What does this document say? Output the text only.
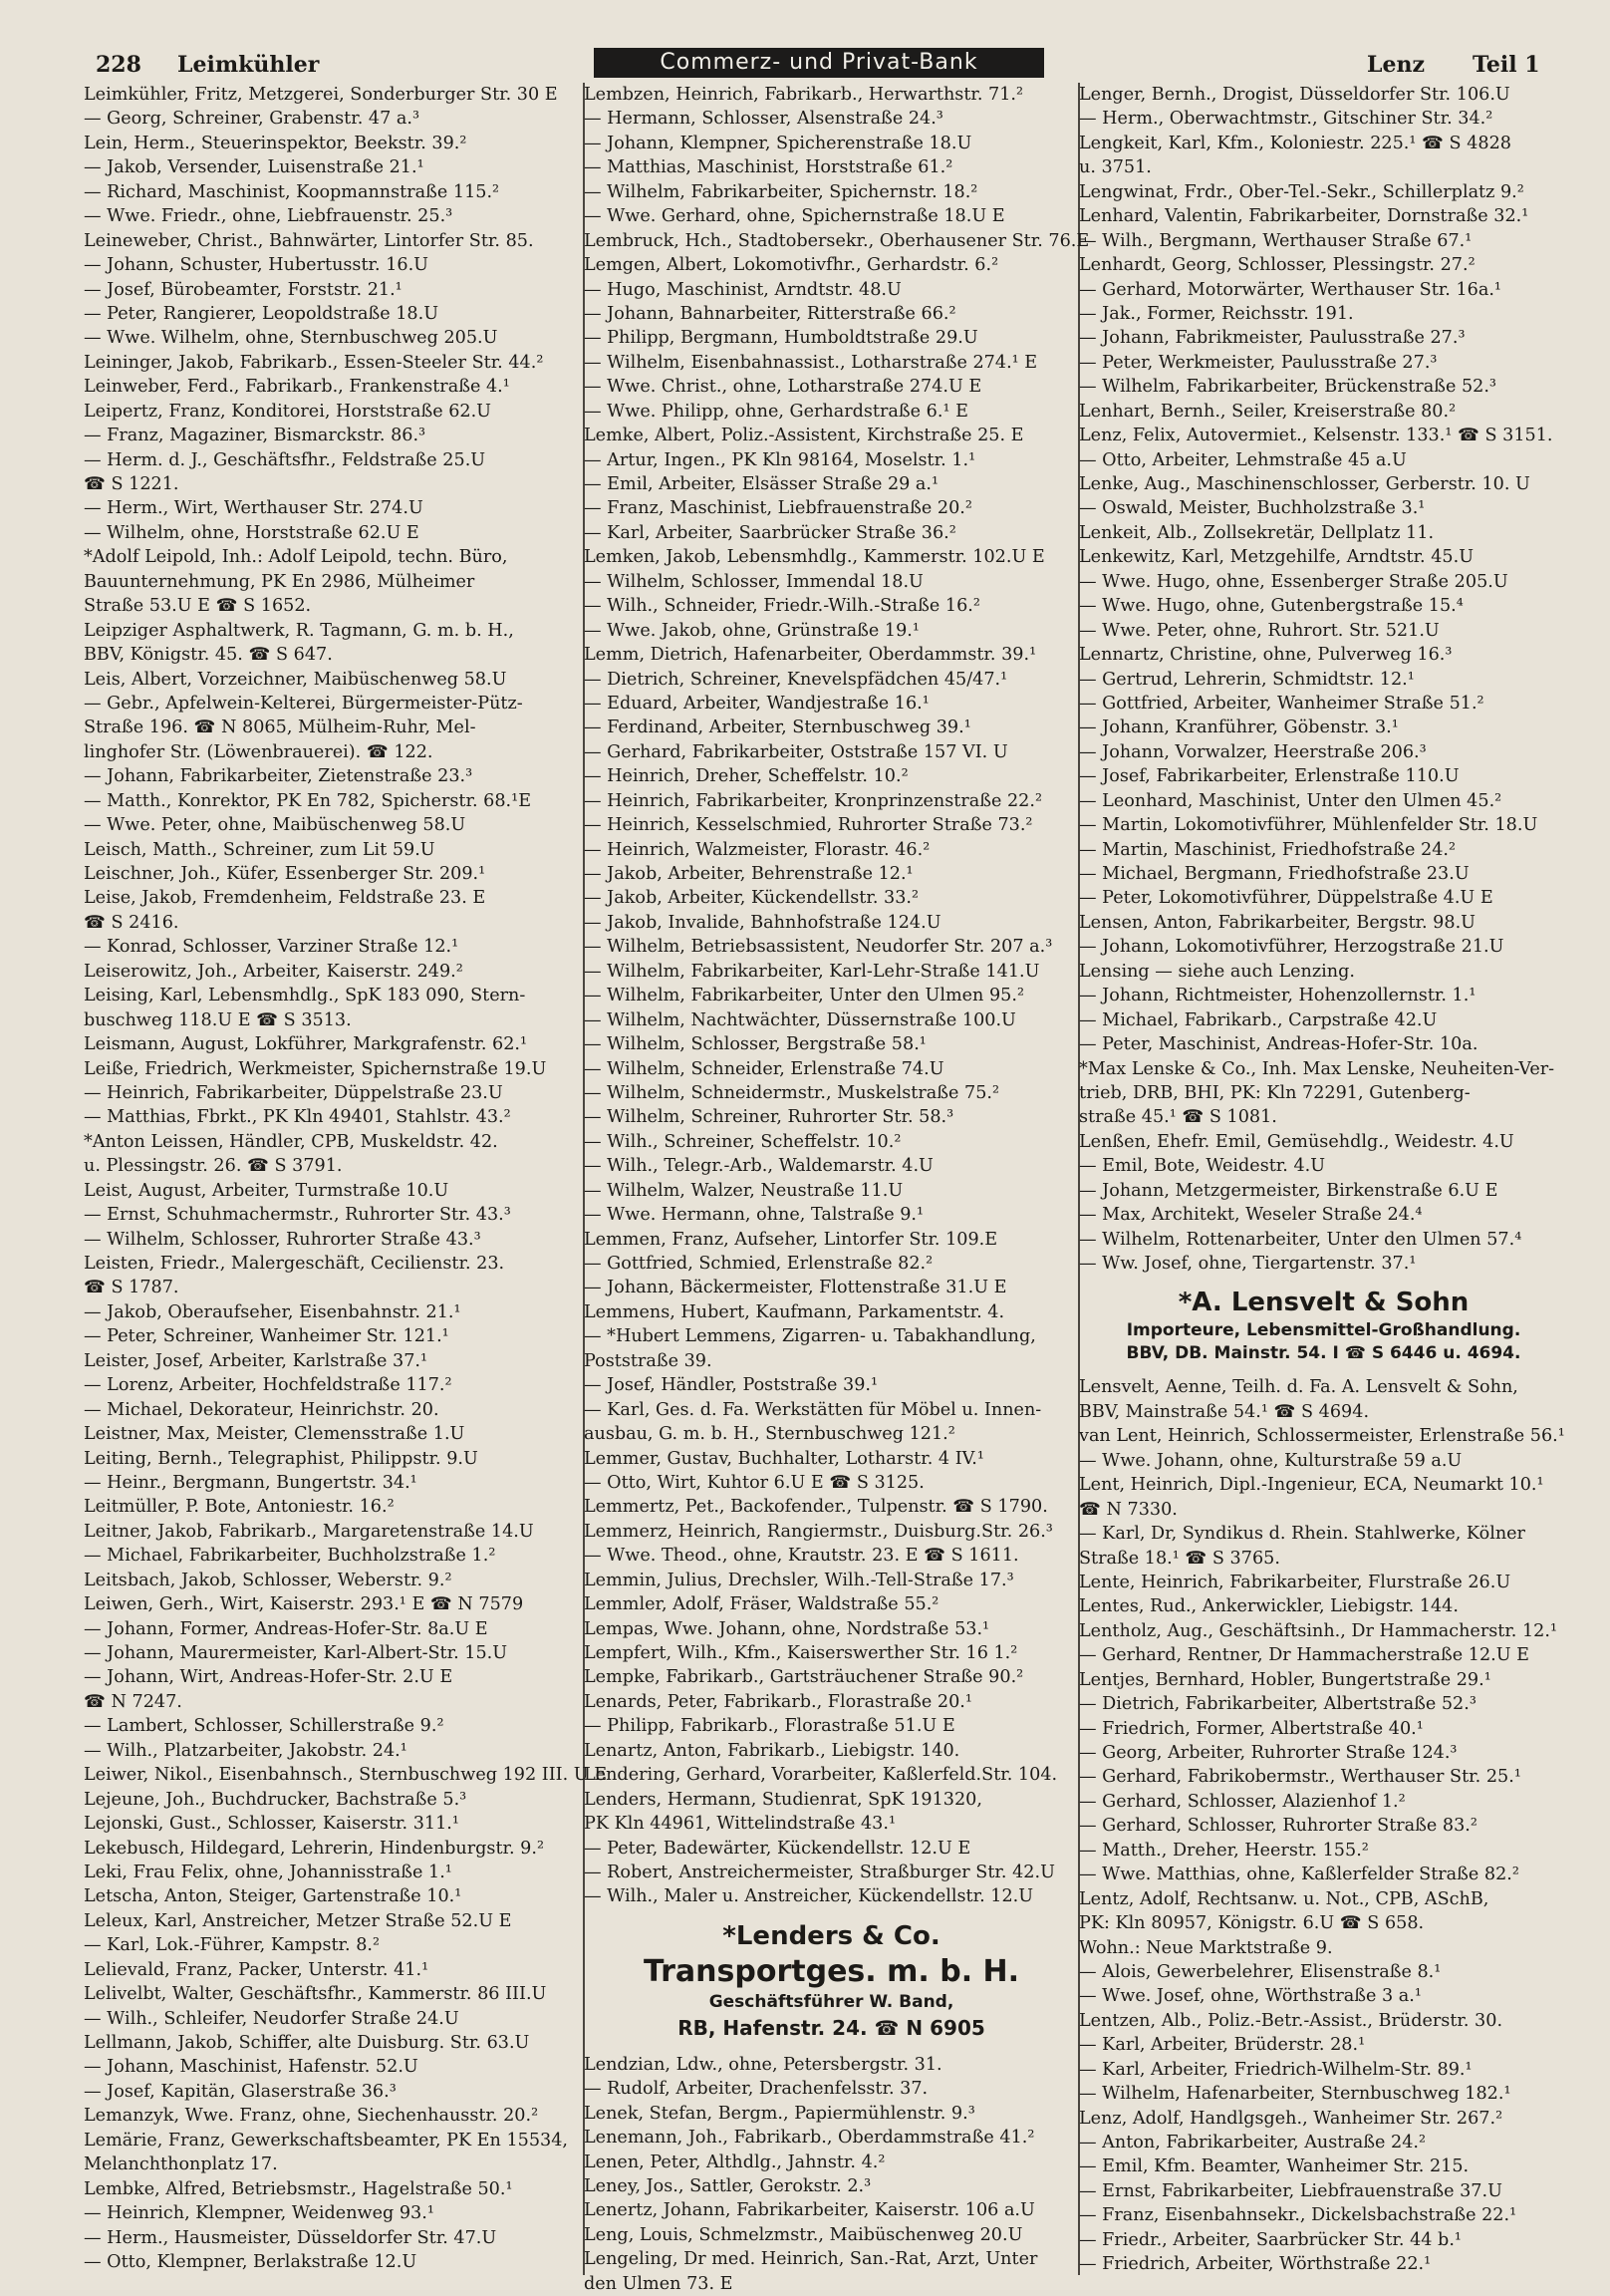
228 Leimkühler	Commerz- und Privat-Bank	Lenz Teil 1
Leimkühler, Fritz, Metzgerei, Sonderburger Str. 30 E
— Georg, Schreiner, Grabenstr. 47 a.³
Lein, Herm., Steuerinspektor, Beekstr. 39.²
— Jakob, Versender, Luisenstraße 21.¹
— Richard, Maschinist, Koopmannstraße 115.²
— Wwe. Friedr., ohne, Liebfrauenstr. 25.³
Leineweber, Christ., Bahnwärter, Lintorfer Str. 85.
— Johann, Schuster, Hubertusstr. 16.U
— Josef, Bürobeamter, Forststr. 21.¹
— Peter, Rangierer, Leopoldstraße 18.U
— Wwe. Wilhelm, ohne, Sternbuschweg 205.U
Leininger, Jakob, Fabrikarb., Essen-Steeler Str. 44.²
Leinweber, Ferd., Fabrikarb., Frankenstraße 4.¹
Leipertz, Franz, Konditorei, Horststraße 62.U
— Franz, Magaziner, Bismarckstr. 86.³
— Herm. d. J., Geschäftsfhr., Feldstraße 25.U
☎ S 1221.
— Herm., Wirt, Werthauser Str. 274.U
— Wilhelm, ohne, Horststraße 62.U E
*Adolf Leipold, Inh.: Adolf Leipold, techn. Büro,
Bauunternehmung, PK En 2986, Mülheimer
Straße 53.U E ☎ S 1652.
Leipziger Asphaltwerk, R. Tagmann, G. m. b. H.,
BBV, Königstr. 45. ☎ S 647.
Leis, Albert, Vorzeichner, Maibüschenweg 58.U
— Gebr., Apfelwein-Kelterei, Bürgermeister-Pütz-
Straße 196. ☎ N 8065, Mülheim-Ruhr, Mel-
linghofer Str. (Löwenbrauerei). ☎ 122.
— Johann, Fabrikarbeiter, Zietenstraße 23.³
— Matth., Konrektor, PK En 782, Spicherstr. 68.¹E
— Wwe. Peter, ohne, Maibüschenweg 58.U
Leisch, Matth., Schreiner, zum Lit 59.U
Leischner, Joh., Küfer, Essenberger Str. 209.¹
Leise, Jakob, Fremdenheim, Feldstraße 23. E
☎ S 2416.
— Konrad, Schlosser, Varziner Straße 12.¹
Leiserowitz, Joh., Arbeiter, Kaiserstr. 249.²
Leising, Karl, Lebensmhdlg., SpK 183 090, Stern-
buschweg 118.U E ☎ S 3513.
Leismann, August, Lokführer, Markgrafenstr. 62.¹
Leiße, Friedrich, Werkmeister, Spichernstraße 19.U
— Heinrich, Fabrikarbeiter, Düppelstraße 23.U
— Matthias, Fbrkt., PK Kln 49401, Stahlstr. 43.²
*Anton Leissen, Händler, CPB, Muskeldstr. 42.
u. Plessingstr. 26. ☎ S 3791.
Leist, August, Arbeiter, Turmstraße 10.U
— Ernst, Schuhmachermstr., Ruhrorter Str. 43.³
— Wilhelm, Schlosser, Ruhrorter Straße 43.³
Leisten, Friedr., Malergeschäft, Cecilienstr. 23.
☎ S 1787.
— Jakob, Oberaufseher, Eisenbahnstr. 21.¹
— Peter, Schreiner, Wanheimer Str. 121.¹
Leister, Josef, Arbeiter, Karlstraße 37.¹
— Lorenz, Arbeiter, Hochfeldstraße 117.²
— Michael, Dekorateur, Heinrichstr. 20.
Leistner, Max, Meister, Clemensstraße 1.U
Leiting, Bernh., Telegraphist, Philippstr. 9.U
— Heinr., Bergmann, Bungertstr. 34.¹
Leitmüller, P. Bote, Antoniestr. 16.²
Leitner, Jakob, Fabrikarb., Margaretenstraße 14.U
— Michael, Fabrikarbeiter, Buchholzstraße 1.²
Leitsbach, Jakob, Schlosser, Weberstr. 9.²
Leiwen, Gerh., Wirt, Kaiserstr. 293.¹ E ☎ N 7579
— Johann, Former, Andreas-Hofer-Str. 8a.U E
— Johann, Maurermeister, Karl-Albert-Str. 15.U
— Johann, Wirt, Andreas-Hofer-Str. 2.U E
☎ N 7247.
— Lambert, Schlosser, Schillerstraße 9.²
— Wilh., Platzarbeiter, Jakobstr. 24.¹
Leiwer, Nikol., Eisenbahnsch., Sternbuschweg 192 III. U E
Lejeune, Joh., Buchdrucker, Bachstraße 5.³
Lejonski, Gust., Schlosser, Kaiserstr. 311.¹
Lekebusch, Hildegard, Lehrerin, Hindenburgstr. 9.²
Leki, Frau Felix, ohne, Johannisstraße 1.¹
Letscha, Anton, Steiger, Gartenstraße 10.¹
Leleux, Karl, Anstreicher, Metzer Straße 52.U E
— Karl, Lok.-Führer, Kampstr. 8.²
Lelievald, Franz, Packer, Unterstr. 41.¹
Lelivelbt, Walter, Geschäftsfhr., Kammerstr. 86 III.U
— Wilh., Schleifer, Neudorfer Straße 24.U
Lellmann, Jakob, Schiffer, alte Duisburg. Str. 63.U
— Johann, Maschinist, Hafenstr. 52.U
— Josef, Kapitän, Glaserstraße 36.³
Lemanzyk, Wwe. Franz, ohne, Siechenhausstr. 20.²
Lemärie, Franz, Gewerkschaftsbeamter, PK En 15534,
Melanchthonplatz 17.
Lembke, Alfred, Betriebsmstr., Hagelstraße 50.¹
— Heinrich, Klempner, Weidenweg 93.¹
— Herm., Hausmeister, Düsseldorfer Str. 47.U
— Otto, Klempner, Berlakstraße 12.U
Lembzen, Heinrich, Fabrikarb., Herwarthstr. 71.²
— Hermann, Schlosser, Alsenstraße 24.³
— Johann, Klempner, Spicherenstraße 18.U
— Matthias, Maschinist, Horststraße 61.²
— Wilhelm, Fabrikarbeiter, Spichernstr. 18.²
— Wwe. Gerhard, ohne, Spichernstraße 18.U E
Lembruck, Hch., Stadtobersekr., Oberhausener Str. 76.E
Lemgen, Albert, Lokomotivfhr., Gerhardstr. 6.²
— Hugo, Maschinist, Arndtstr. 48.U
— Johann, Bahnarbeiter, Ritterstraße 66.²
— Philipp, Bergmann, Humboldtstraße 29.U
— Wilhelm, Eisenbahnassist., Lotharstraße 274.¹ E
— Wwe. Christ., ohne, Lotharstraße 274.U E
— Wwe. Philipp, ohne, Gerhardstraße 6.¹ E
Lemke, Albert, Poliz.-Assistent, Kirchstraße 25. E
— Artur, Ingen., PK Kln 98164, Moselstr. 1.¹
— Emil, Arbeiter, Elsässer Straße 29 a.¹
— Franz, Maschinist, Liebfrauenstraße 20.²
— Karl, Arbeiter, Saarbrücker Straße 36.²
Lemken, Jakob, Lebensmhdlg., Kammerstr. 102.U E
— Wilhelm, Schlosser, Immendal 18.U
— Wilh., Schneider, Friedr.-Wilh.-Straße 16.²
— Wwe. Jakob, ohne, Grünstraße 19.¹
Lemm, Dietrich, Hafenarbeiter, Oberdammstr. 39.¹
— Dietrich, Schreiner, Knevelspfädchen 45/47.¹
— Eduard, Arbeiter, Wandjestraße 16.¹
— Ferdinand, Arbeiter, Sternbuschweg 39.¹
— Gerhard, Fabrikarbeiter, Oststraße 157 VI. U
— Heinrich, Dreher, Scheffelstr. 10.²
— Heinrich, Fabrikarbeiter, Kronprinzenstraße 22.²
— Heinrich, Kesselschmied, Ruhrorter Straße 73.²
— Heinrich, Walzmeister, Florastr. 46.²
— Jakob, Arbeiter, Behrenstraße 12.¹
— Jakob, Arbeiter, Kückendellstr. 33.²
— Jakob, Invalide, Bahnhofstraße 124.U
— Wilhelm, Betriebsassistent, Neudorfer Str. 207 a.³
— Wilhelm, Fabrikarbeiter, Karl-Lehr-Straße 141.U
— Wilhelm, Fabrikarbeiter, Unter den Ulmen 95.²
— Wilhelm, Nachtwächter, Düssernstraße 100.U
— Wilhelm, Schlosser, Bergstraße 58.¹
— Wilhelm, Schneider, Erlenstraße 74.U
— Wilhelm, Schneidermstr., Muskelstraße 75.²
— Wilhelm, Schreiner, Ruhrorter Str. 58.³
— Wilh., Schreiner, Scheffelstr. 10.²
— Wilh., Telegr.-Arb., Waldemarstr. 4.U
— Wilhelm, Walzer, Neustraße 11.U
— Wwe. Hermann, ohne, Talstraße 9.¹
Lemmen, Franz, Aufseher, Lintorfer Str. 109.E
— Gottfried, Schmied, Erlenstraße 82.²
— Johann, Bäckermeister, Flottenstraße 31.U E
Lemmens, Hubert, Kaufmann, Parkamentstr. 4.
— *Hubert Lemmens, Zigarren- u. Tabakhandlung,
Poststraße 39.
— Josef, Händler, Poststraße 39.¹
— Karl, Ges. d. Fa. Werkstätten für Möbel u. Innen-
ausbau, G. m. b. H., Sternbuschweg 121.²
Lemmer, Gustav, Buchhalter, Lotharstr. 4 IV.¹
— Otto, Wirt, Kuhtor 6.U E ☎ S 3125.
Lemmertz, Pet., Backofender., Tulpenstr. ☎ S 1790.
Lemmerz, Heinrich, Rangiermstr., Duisburg.Str. 26.³
— Wwe. Theod., ohne, Krautstr. 23. E ☎ S 1611.
Lemmin, Julius, Drechsler, Wilh.-Tell-Straße 17.³
Lemmler, Adolf, Fräser, Waldstraße 55.²
Lempas, Wwe. Johann, ohne, Nordstraße 53.¹
Lempfert, Wilh., Kfm., Kaiserswerther Str. 16 1.²
Lempke, Fabrikarb., Gartsträuchener Straße 90.²
Lenards, Peter, Fabrikarb., Florastraße 20.¹
— Philipp, Fabrikarb., Florastraße 51.U E
Lenartz, Anton, Fabrikarb., Liebigstr. 140.
Lendering, Gerhard, Vorarbeiter, Kaßlerfeld.Str. 104.
Lenders, Hermann, Studienrat, SpK 191320,
PK Kln 44961, Wittelindstraße 43.¹
— Peter, Badewärter, Kückendellstr. 12.U E
— Robert, Anstreichermeister, Straßburger Str. 42.U
— Wilh., Maler u. Anstreicher, Kückendellstr. 12.U
*Lenders & Co.
Transportges. m. b. H.
Geschäftsführer W. Band,
RB, Hafenstr. 24. ☎ N 6905
Lendzian, Ldw., ohne, Petersbergstr. 31.
— Rudolf, Arbeiter, Drachenfelsstr. 37.
Lenek, Stefan, Bergm., Papiermühlenstr. 9.³
Lenemann, Joh., Fabrikarb., Oberdammstraße 41.²
Lenen, Peter, Althdlg., Jahnstr. 4.²
Leney, Jos., Sattler, Gerokstr. 2.³
Lenertz, Johann, Fabrikarbeiter, Kaiserstr. 106 a.U
Leng, Louis, Schmelzmstr., Maibüschenweg 20.U
Lengeling, Dr med. Heinrich, San.-Rat, Arzt, Unter
den Ulmen 73. E
Lenger, Bernh., Drogist, Düsseldorfer Str. 106.U
— Herm., Oberwachtmstr., Gitschiner Str. 34.²
Lengkeit, Karl, Kfm., Koloniestr. 225.¹ ☎ S 4828
u. 3751.
Lengwinat, Frdr., Ober-Tel.-Sekr., Schillerplatz 9.²
Lenhard, Valentin, Fabrikarbeiter, Dornstraße 32.¹
— Wilh., Bergmann, Werthauser Straße 67.¹
Lenhardt, Georg, Schlosser, Plessingstr. 27.²
— Gerhard, Motorwärter, Werthauser Str. 16a.¹
— Jak., Former, Reichsstr. 191.
— Johann, Fabrikmeister, Paulusstraße 27.³
— Peter, Werkmeister, Paulusstraße 27.³
— Wilhelm, Fabrikarbeiter, Brückenstraße 52.³
Lenhart, Bernh., Seiler, Kreiserstraße 80.²
Lenz, Felix, Autovermiet., Kelsenstr. 133.¹ ☎ S 3151.
— Otto, Arbeiter, Lehmstraße 45 a.U
Lenke, Aug., Maschinenschlosser, Gerberstr. 10. U
— Oswald, Meister, Buchholzstraße 3.¹
Lenkeit, Alb., Zollsekretär, Dellplatz 11.
Lenkewitz, Karl, Metzgehilfe, Arndtstr. 45.U
— Wwe. Hugo, ohne, Essenberger Straße 205.U
— Wwe. Hugo, ohne, Gutenbergstraße 15.⁴
— Wwe. Peter, ohne, Ruhrort. Str. 521.U
Lennartz, Christine, ohne, Pulverweg 16.³
— Gertrud, Lehrerin, Schmidtstr. 12.¹
— Gottfried, Arbeiter, Wanheimer Straße 51.²
— Johann, Kranführer, Göbenstr. 3.¹
— Johann, Vorwalzer, Heerstraße 206.³
— Josef, Fabrikarbeiter, Erlenstraße 110.U
— Leonhard, Maschinist, Unter den Ulmen 45.²
— Martin, Lokomotivführer, Mühlenfelder Str. 18.U
— Martin, Maschinist, Friedhofstraße 24.²
— Michael, Bergmann, Friedhofstraße 23.U
— Peter, Lokomotivführer, Düppelstraße 4.U E
Lensen, Anton, Fabrikarbeiter, Bergstr. 98.U
— Johann, Lokomotivführer, Herzogstraße 21.U
Lensing — siehe auch Lenzing.
— Johann, Richtmeister, Hohenzollernstr. 1.¹
— Michael, Fabrikarb., Carpstraße 42.U
— Peter, Maschinist, Andreas-Hofer-Str. 10a.
*Max Lenske & Co., Inh. Max Lenske, Neuheiten-Ver-
trieb, DRB, BHI, PK: Kln 72291, Gutenberg-
straße 45.¹ ☎ S 1081.
Lenßen, Ehefr. Emil, Gemüsehdlg., Weidestr. 4.U
— Emil, Bote, Weidestr. 4.U
— Johann, Metzgermeister, Birkenstraße 6.U E
— Max, Architekt, Weseler Straße 24.⁴
— Wilhelm, Rottenarbeiter, Unter den Ulmen 57.⁴
— Ww. Josef, ohne, Tiergartenstr. 37.¹
*A. Lensvelt & Sohn
Importeure, Lebensmittel-Großhandlung.
BBV, DB. Mainstr. 54. I ☎ S 6446 u. 4694.
Lensvelt, Aenne, Teilh. d. Fa. A. Lensvelt & Sohn,
BBV, Mainstraße 54.¹ ☎ S 4694.
van Lent, Heinrich, Schlossermeister, Erlenstraße 56.¹
— Wwe. Johann, ohne, Kulturstraße 59 a.U
Lent, Heinrich, Dipl.-Ingenieur, ECA, Neumarkt 10.¹
☎ N 7330.
— Karl, Dr, Syndikus d. Rhein. Stahlwerke, Kölner
Straße 18.¹ ☎ S 3765.
Lente, Heinrich, Fabrikarbeiter, Flurstraße 26.U
Lentes, Rud., Ankerwickler, Liebigstr. 144.
Lentholz, Aug., Geschäftsinh., Dr Hammacherstr. 12.¹
— Gerhard, Rentner, Dr Hammacherstraße 12.U E
Lentjes, Bernhard, Hobler, Bungertstraße 29.¹
— Dietrich, Fabrikarbeiter, Albertstraße 52.³
— Friedrich, Former, Albertstraße 40.¹
— Georg, Arbeiter, Ruhrorter Straße 124.³
— Gerhard, Fabrikobermstr., Werthauser Str. 25.¹
— Gerhard, Schlosser, Alazienhof 1.²
— Gerhard, Schlosser, Ruhrorter Straße 83.²
— Matth., Dreher, Heerstr. 155.²
— Wwe. Matthias, ohne, Kaßlerfelder Straße 82.²
Lentz, Adolf, Rechtsanw. u. Not., CPB, ASchB,
PK: Kln 80957, Königstr. 6.U ☎ S 658.
Wohn.: Neue Marktstraße 9.
— Alois, Gewerbelehrer, Elisenstraße 8.¹
— Wwe. Josef, ohne, Wörthstraße 3 a.¹
Lentzen, Alb., Poliz.-Betr.-Assist., Brüderstr. 30.
— Karl, Arbeiter, Brüderstr. 28.¹
— Karl, Arbeiter, Friedrich-Wilhelm-Str. 89.¹
— Wilhelm, Hafenarbeiter, Sternbuschweg 182.¹
Lenz, Adolf, Handlgsgeh., Wanheimer Str. 267.²
— Anton, Fabrikarbeiter, Austraße 24.²
— Emil, Kfm. Beamter, Wanheimer Str. 215.
— Ernst, Fabrikarbeiter, Liebfrauenstraße 37.U
— Franz, Eisenbahnsekr., Dickelsbachstraße 22.¹
— Friedr., Arbeiter, Saarbrücker Str. 44 b.¹
— Friedrich, Arbeiter, Wörthstraße 22.¹
